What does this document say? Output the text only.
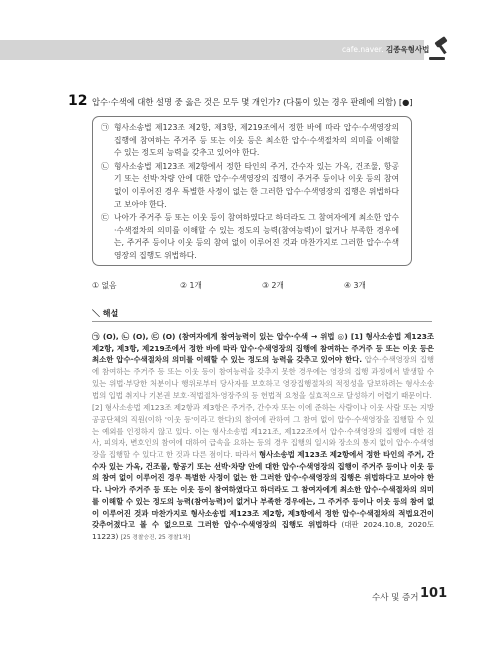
cafe.naver. 김종욱형사법
12 압수·수색에 대한 설명 중 옳은 것은 모두 몇 개인가? (다툼이 있는 경우 판례에 의함) [●]
㉠ 형사소송법 제123조 제2항, 제3항, 제219조에서 정한 바에 따라 압수·수색영장의 집행에 참여하는 주거주 등 또는 이웃 등은 최소한 압수·수색절차의 의미를 이해할 수 있는 정도의 능력을 갖추고 있어야 한다.
㉡ 형사소송법 제123조 제2항에서 정한 타인의 주거, 간수자 있는 가옥, 건조물, 항공기 또는 선박·차량 안에 대한 압수·수색영장의 집행이 주거주 등이나 이웃 등의 참여 없이 이루어진 경우 특별한 사정이 없는 한 그러한 압수·수색영장의 집행은 위법하다고 보아야 한다.
㉢ 나아가 주거주 등 또는 이웃 등이 참여하였다고 하더라도 그 참여자에게 최소한 압수·수색절차의 의미를 이해할 수 있는 정도의 능력(참여능력)이 없거나 부족한 경우에는, 주거주 등이나 이웃 등의 참여 없이 이루어진 것과 마찬가지로 그러한 압수·수색영장의 집행도 위법하다.
① 없음	② 1개	③ 2개	④ 3개
＼ 해설

㉠ (O), ㉡ (O), ㉢ (O) (참여자에게 참여능력이 있는 압수·수색 → 위법 ◎) [1] 형사소송법 제123조 제2항, 제3항, 제219조에서 정한 바에 따라 압수·수색영장의 집행에 참여하는 주거주 등 또는 이웃 등은 최소한 압수·수색절차의 의미를 이해할 수 있는 정도의 능력을 갖추고 있어야 한다. 압수·수색영장의 집행에 참여하는 주거주 등 또는 이웃 등이 참여능력을 갖추지 못한 경우에는 영장의 집행 과정에서 발생할 수 있는 위법·부당한 처분이나 행위로부터 당사자를 보호하고 영장집행절차의 적정성을 담보하려는 형사소송법의 입법 취지나 기본권 보호·적법절차·영장주의 등 헌법적 요청을 실효적으로 달성하기 어렵기 때문이다.

[2] 형사소송법 제123조 제2항과 제3항은 주거주, 간수자 또는 이에 준하는 사람이나 이웃 사람 또는 지방공공단체의 직원(이하 '이웃 등'이라고 한다)의 참여에 관하여 그 참여 없이 압수·수색영장을 집행할 수 있는 예외를 인정하지 않고 있다. 이는 형사소송법 제121조, 제122조에서 압수·수색영장의 집행에 대한 검사, 피의자, 변호인의 참여에 대하여 급속을 요하는 등의 경우 집행의 일시와 장소의 통지 없이 압수·수색영장을 집행할 수 있다고 한 것과 다른 점이다. 따라서 형사소송법 제123조 제2항에서 정한 타인의 주거, 간수자 있는 가옥, 건조물, 항공기 또는 선박·차량 안에 대한 압수·수색영장의 집행이 주거주 등이나 이웃 등의 참여 없이 이루어진 경우 특별한 사정이 없는 한 그러한 압수·수색영장의 집행은 위법하다고 보아야 한다. 나아가 주거주 등 또는 이웃 등이 참여하였다고 하더라도 그 참여자에게 최소한 압수·수색절차의 의미를 이해할 수 있는 정도의 능력(참여능력)이 없거나 부족한 경우에는, 그 주거주 등이나 이웃 등의 참여 없이 이루어진 것과 마찬가지로 형사소송법 제123조 제2항, 제3항에서 정한 압수·수색절차의 적법요건이 갖추어졌다고 볼 수 없으므로 그러한 압수·수색영장의 집행도 위법하다 (대판 2024.10.8, 2020도11223) [25 경찰승진, 25 경찰1차]

수사 및 증거 101
